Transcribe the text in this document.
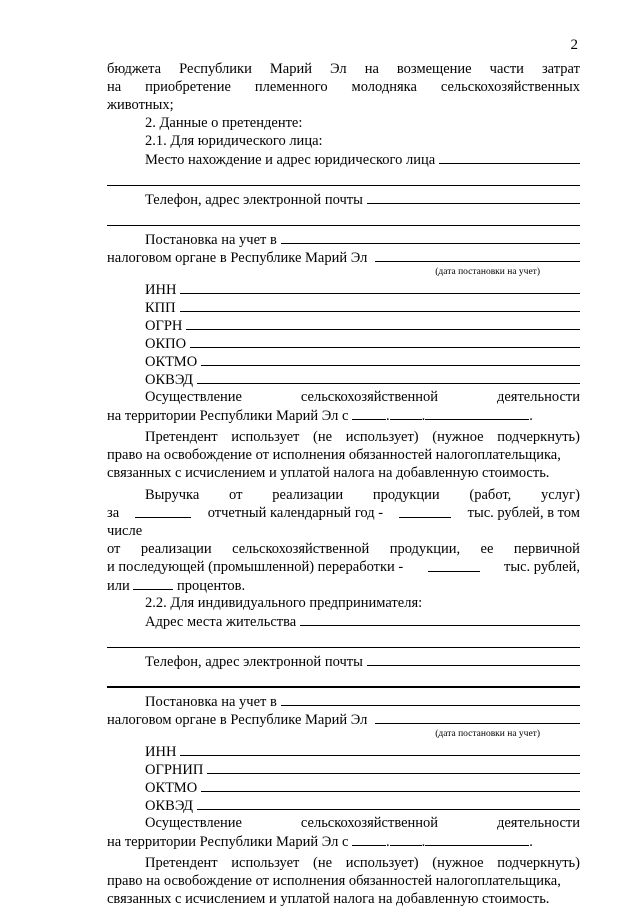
2
бюджета Республики Марий Эл на возмещение части затрат
на приобретение племенного молодняка сельскохозяйственных
животных;
2. Данные о претенденте:
2.1. Для юридического лица:
Место нахождение и адрес юридического лица
Телефон, адрес электронной почты
Постановка на учет в
налоговом органе в Республике Марий Эл
(дата постановки на учет)
ИНН
КПП
ОГРН
ОКПО
ОКТМО
ОКВЭД
Осуществление	сельскохозяйственной	деятельности
на территории Республики Марий Эл с
	. .	.
Претендент использует (не использует) (нужное подчеркнуть)
право на освобождение от исполнения обязанностей налогоплательщика,
связанных с исчислением и уплатой налога на добавленную стоимость.
Выручка от реализации продукции (работ, услуг)
за	отчетный календарный год -	тыс. рублей, в том
числе
от реализации сельскохозяйственной продукции, ее первичной
и последующей (промышленной) переработки -	тыс. рублей,
или

	процентов.
2.2. Для индивидуального предпринимателя:
Адрес места жительства
Телефон, адрес электронной почты
Постановка на учет в
налоговом органе в Республике Марий Эл
(дата постановки на учет)
ИНН
ОГРНИП
ОКТМО
ОКВЭД
Осуществление	сельскохозяйственной	деятельности
на территории Республики Марий Эл с
	. .	.
Претендент использует (не использует) (нужное подчеркнуть)
право на освобождение от исполнения обязанностей налогоплательщика,
связанных с исчислением и уплатой налога на добавленную стоимость.
